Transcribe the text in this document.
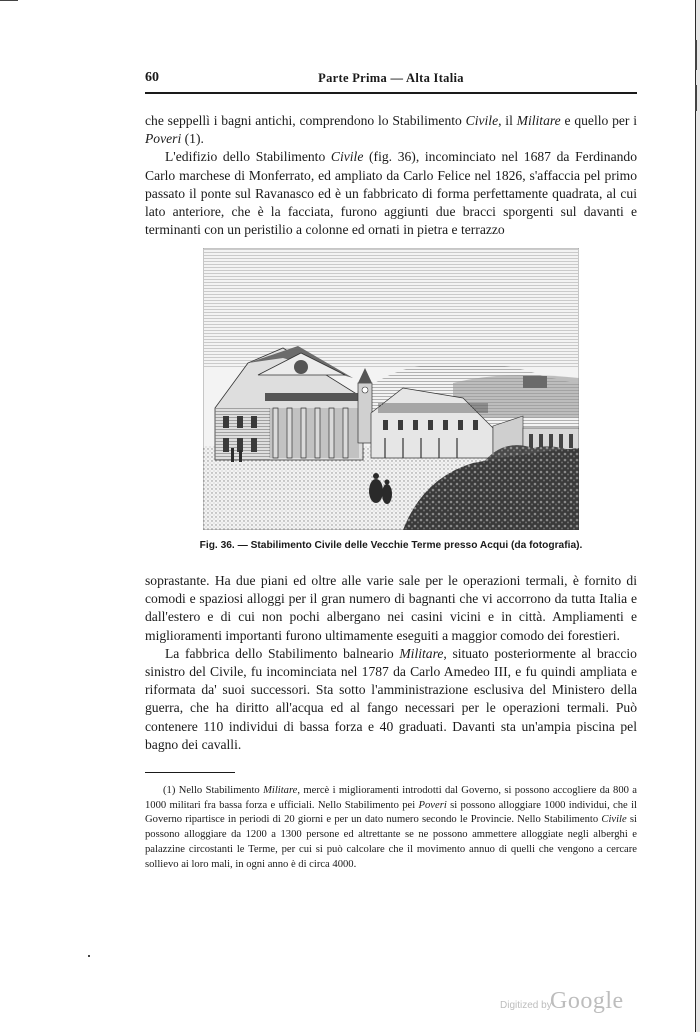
60	Parte Prima — Alta Italia

che seppellì i bagni antichi, comprendono lo Stabilimento Civile, il Militare e quello per i Poveri (1).

L'edifizio dello Stabilimento Civile (fig. 36), incominciato nel 1687 da Ferdinando Carlo marchese di Monferrato, ed ampliato da Carlo Felice nel 1826, s'affaccia pel primo passato il ponte sul Ravanasco ed è un fabbricato di forma perfettamente quadrata, al cui lato anteriore, che è la facciata, furono aggiunti due bracci sporgenti sul davanti e terminanti con un peristilio a colonne ed ornati in pietra e terrazzo

Fig. 36. — Stabilimento Civile delle Vecchie Terme presso Acqui (da fotografia).

soprastante. Ha due piani ed oltre alle varie sale per le operazioni termali, è fornito di comodi e spaziosi alloggi per il gran numero di bagnanti che vi accorrono da tutta Italia e dall'estero e di cui non pochi albergano nei casini vicini e in città. Ampliamenti e miglioramenti importanti furono ultimamente eseguiti a maggior comodo dei forestieri.

La fabbrica dello Stabilimento balneario Militare, situato posteriormente al braccio sinistro del Civile, fu incominciata nel 1787 da Carlo Amedeo III, e fu quindi ampliata e riformata da' suoi successori. Sta sotto l'amministrazione esclusiva del Ministero della guerra, che ha diritto all'acqua ed al fango necessari per le operazioni termali. Può contenere 110 individui di bassa forza e 40 graduati. Davanti sta un'ampia piscina pel bagno dei cavalli.

(1) Nello Stabilimento Militare, mercè i miglioramenti introdotti dal Governo, si possono accogliere da 800 a 1000 militari fra bassa forza e ufficiali. Nello Stabilimento pei Poveri si possono alloggiare 1000 individui, che il Governo ripartisce in periodi di 20 giorni e per un dato numero secondo le Provincie. Nello Stabilimento Civile si possono alloggiare da 1200 a 1300 persone ed altrettante se ne possono ammettere alloggiate negli alberghi e palazzine circostanti le Terme, per cui si può calcolare che il movimento annuo di quelli che vengono a cercare sollievo ai loro mali, in ogni anno è di circa 4000.

Digitized by
Google
